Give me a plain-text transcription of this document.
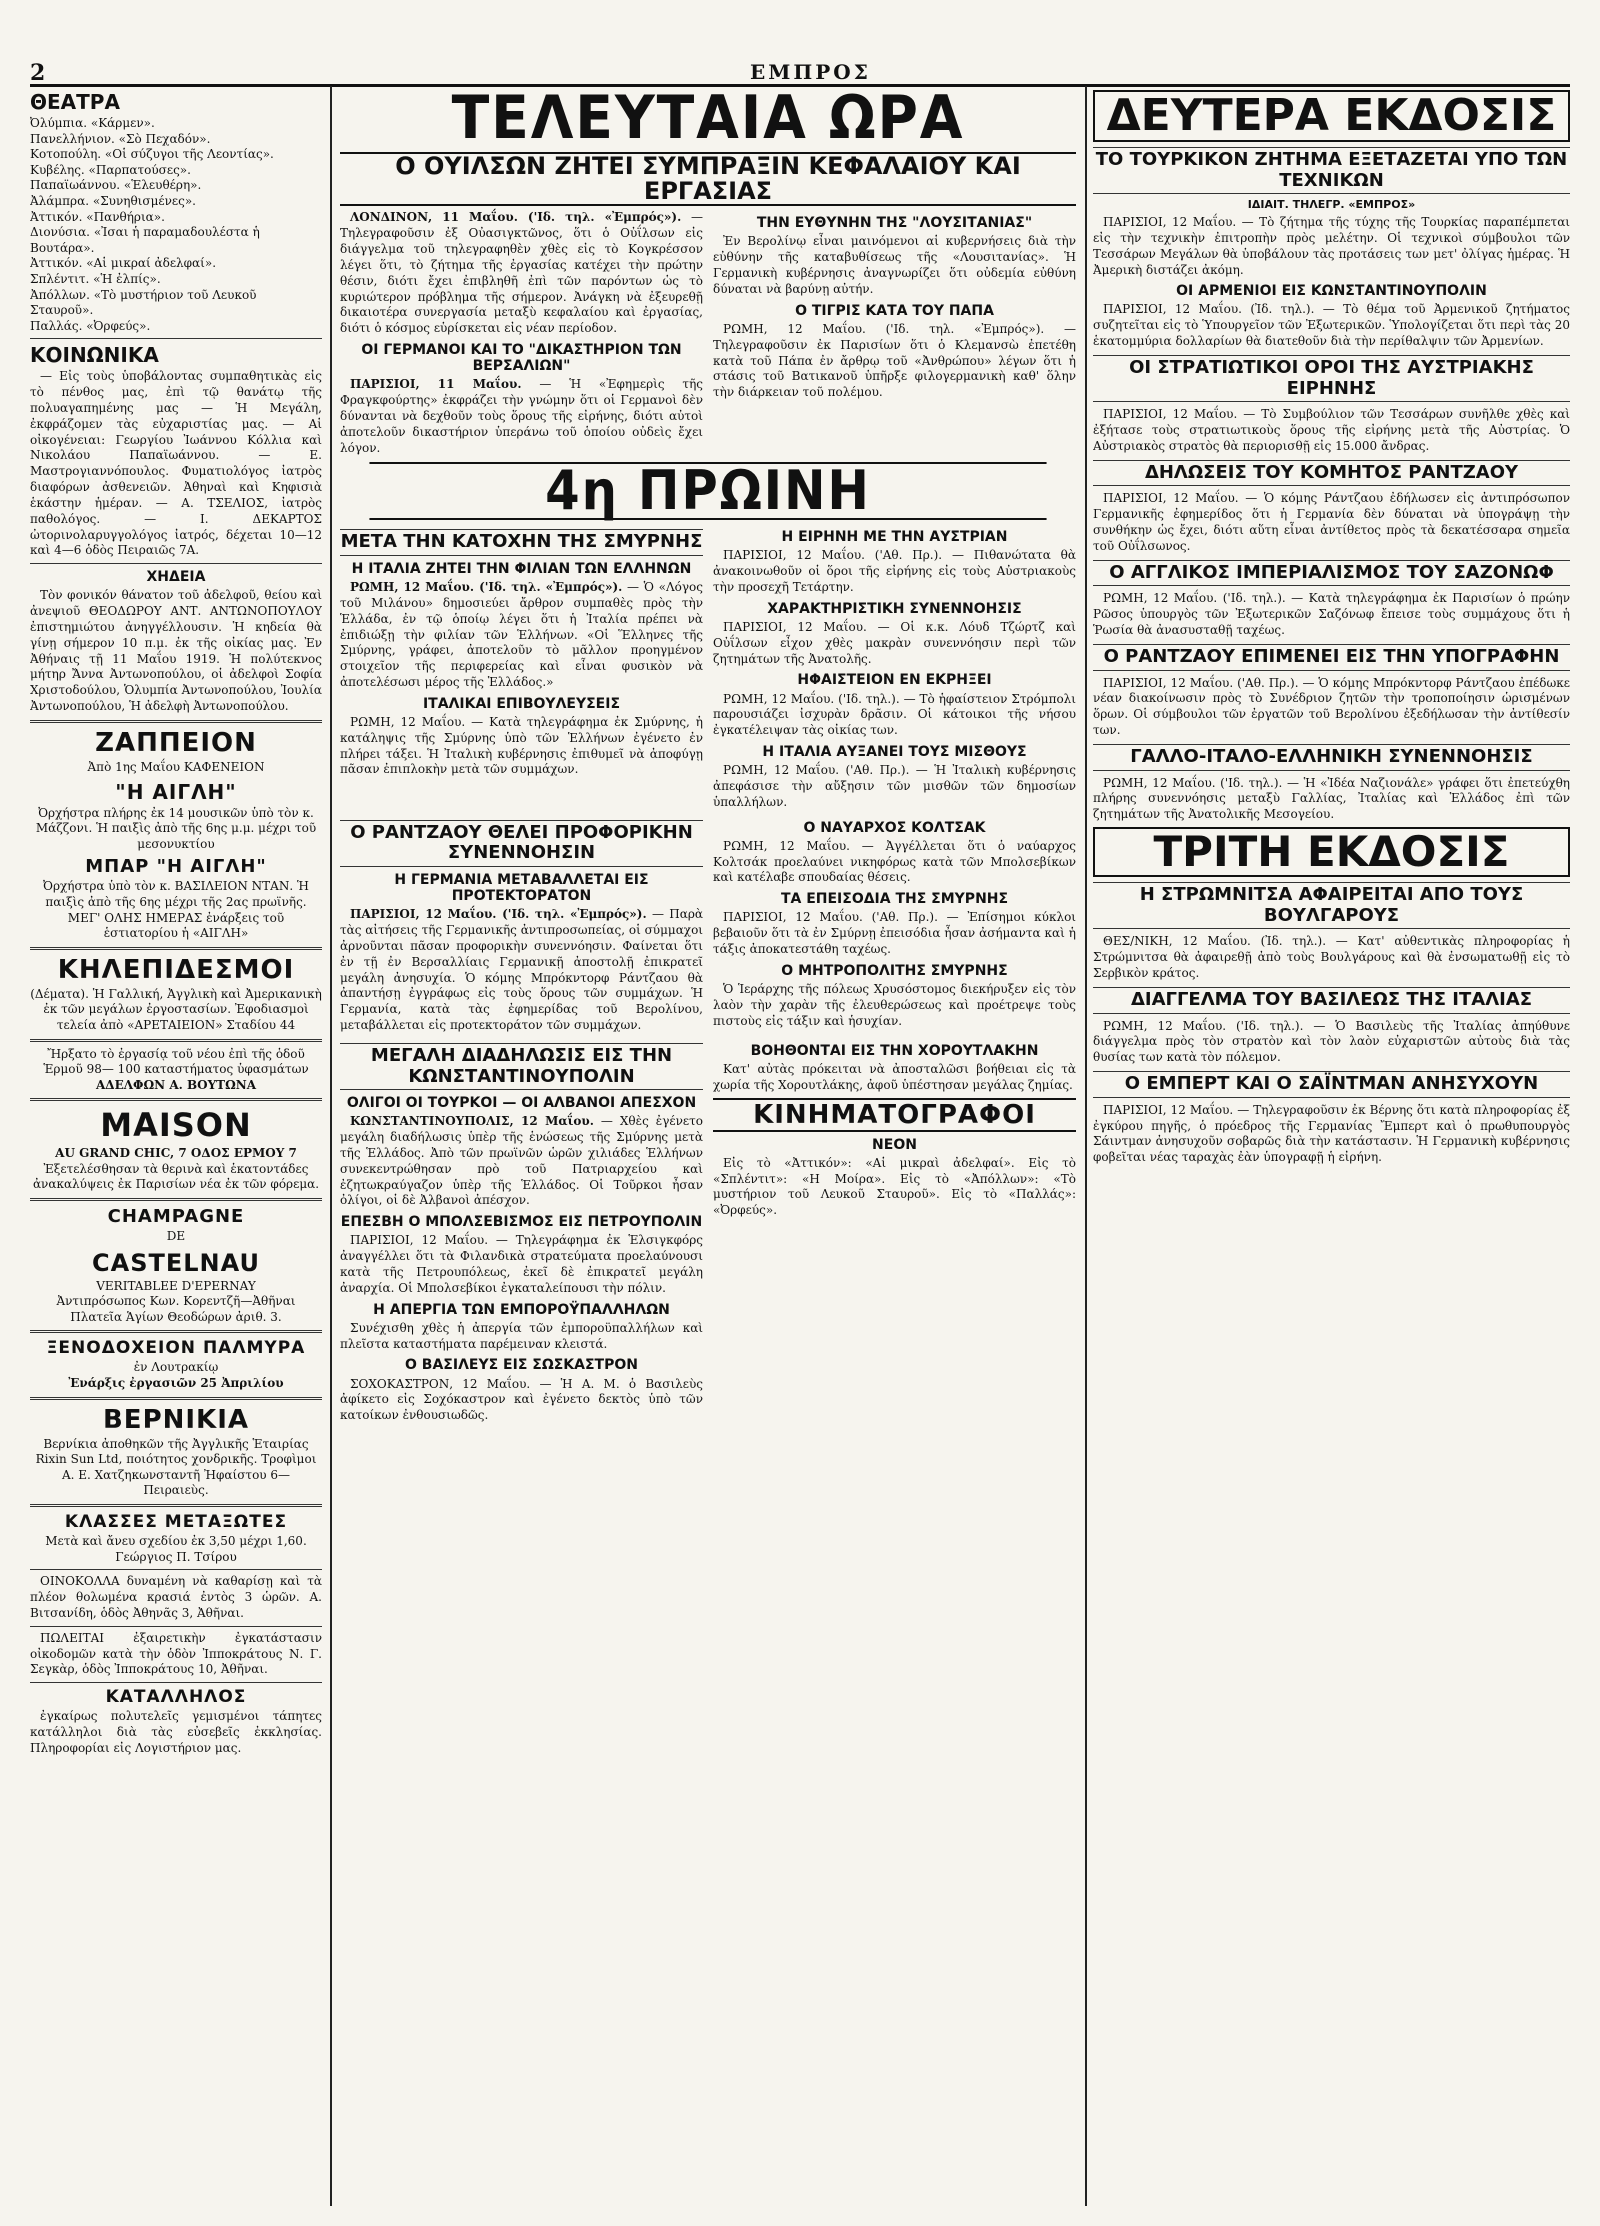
2	ΕΜΠΡΟΣ
ΘΕΑΤΡΑ
Ὀλύμπια. «Κάρμεν».
Πανελλήνιον. «Σὸ Πεχαδόν».
Κοτοπούλη. «Οἱ σύζυγοι τῆς Λεοντίας».
Κυβέλης. «Παρπατούσες».
Παπαϊωάννου. «Ἑλευθέρη».
Ἀλάμπρα. «Συνηθισμένες».
Ἀττικόν. «Πανθήρια».
Διονύσια. «Ἰσαι ἡ παραμαδουλέστα ἡ Βουτάρα».
Ἀττικόν. «Αἱ μικραί ἀδελφαί».
Σπλέντιτ. «Ἡ ἐλπίς».
Ἀπόλλων. «Τὸ μυστήριον τοῦ Λευκοῦ Σταυροῦ».
Παλλάς. «Ὀρφεύς».
ΚΟΙΝΩΝΙΚΑ

— Εἰς τοὺς ὑποβάλοντας συμπαθητικὰς εἰς τὸ πένθος μας, ἐπὶ τῷ θανάτῳ τῆς πολυαγαπημένης μας — Ἡ Μεγάλη, ἐκφράζομεν τὰς εὐχαριστίας μας. — Αἱ οἰκογένειαι: Γεωργίου Ἰωάννου Κόλλια καὶ Νικολάου Παπαϊωάννου. — Ε. Μαστρογιαννόπουλος. Φυματιολόγος ἰατρὸς διαφόρων ἀσθενειῶν. Ἀθηναὶ καὶ Κηφισιὰ ἑκάστην ἡμέραν. — Α. ΤΣΕΛΙΟΣ, ἰατρὸς παθολόγος. — Ι. ΔΕΚΑΡΤΟΣ ὠτορινολαρυγγολόγος ἰατρός, δέχεται 10—12 καὶ 4—6 ὁδὸς Πειραιῶς 7Α.

ΧΗΔΕΙΑ

Τὸν φονικόν θάνατον τοῦ ἀδελφοῦ, θείου καὶ ἀνεψιοῦ ΘΕΟΔΩΡΟΥ ΑΝΤ. ΑΝΤΩΝΟΠΟΥΛΟΥ ἐπιστημιώτου ἀνηγγέλλουσιν. Ἡ κηδεία θὰ γίνῃ σήμερον 10 π.μ. ἐκ τῆς οἰκίας μας. Ἐν Ἀθήναις τῇ 11 Μαΐου 1919. Ἡ πολύτεκνος μήτηρ Ἄννα Ἀντωνοπούλου, οἱ ἀδελφοὶ Σοφία Χριστοδούλου, Ὁλυμπία Ἀντωνοπούλου, Ἰουλία Ἀντωνοπούλου, Ἡ ἀδελφὴ Ἀντωνοπούλου.

ΖΑΠΠΕΙΟΝ
Ἀπὸ 1ης Μαΐου ΚΑΦΕΝΕΙΟΝ
"Η ΑΙΓΛΗ"
Ὀρχήστρα πλήρης ἐκ 14 μουσικῶν ὑπὸ τὸν κ. Μάζζονι. Ἡ παιξὶς ἀπὸ τῆς 6ης μ.μ. μέχρι τοῦ μεσονυκτίου
ΜΠΑΡ "Η ΑΙΓΛΗ"
Ὀρχήστρα ὑπὸ τὸν κ. ΒΑΣΙΛΕΙΟΝ ΝΤΑΝ. Ἡ παιξὶς ἀπὸ τῆς 6ης μέχρι τῆς 2ας πρωϊνῆς. ΜΕΓ' ΟΛΗΣ ΗΜΕΡΑΣ ἐνάρξεις τοῦ ἑστιατορίου ἡ «ΑΙΓΛΗ»
ΚΗΛΕΠΙΔΕΣΜΟΙ
(Δέματα). Ἡ Γαλλική, Ἀγγλικὴ καὶ Ἀμερικανικὴ ἐκ τῶν μεγάλων ἐργοστασίων. Ἐφοδιασμοὶ τελεία ἀπὸ «ΑΡΕΤΑΙΕΙΟΝ» Σταδίου 44
Ἤρξατο τὸ ἐργασίᾳ τοῦ νέου ἐπὶ τῆς ὁδοῦ Ἑρμοῦ 98— 100 καταστήματος ὑφασμάτων
ΑΔΕΛΦΩΝ Α. ΒΟΥΤΩΝΑ
MAISON
AU GRAND CHIC, 7 ΟΔΟΣ ΕΡΜΟΥ 7
Ἐξετελέσθησαν τὰ θερινὰ καὶ ἑκατοντάδες ἀνακαλύψεις ἐκ Παρισίων νέα ἐκ τῶν φόρεμα.
CHAMPAGNE
DE
CASTELNAU
VERITABLEE D'EPERNAY
Ἀντιπρόσωπος Κων. Κορεντζῆ—Ἀθῆναι Πλατεῖα Ἁγίων Θεοδώρων ἀριθ. 3.
ΞΕΝΟΔΟΧΕΙΟΝ ΠΑΛΜΥΡΑ
ἐν Λουτρακίῳ
Ἐνάρξις ἐργασιῶν 25 Ἀπριλίου
ΒΕΡΝΙΚΙΑ
Βερνίκια ἀποθηκῶν τῆς Ἀγγλικῆς Ἑταιρίας Rixin Sun Ltd, ποιότητος χονδρικῆς. Τροφὶμοι Α. Ε. Χατζηκωνσταντῆ Ἠφαίστου 6—Πειραιεὺς.
ΚΛΑΣΣΕΣ ΜΕΤΑΞΩΤΕΣ
Μετὰ καὶ ἄνευ σχεδίου ἐκ 3,50 μέχρι 1,60. Γεώργιος Π. Τσίρου

ΟΙΝΟΚΟΛΛΑ δυναμένη νὰ καθαρίσῃ καὶ τὰ πλέον θολωμένα κρασιά ἐντὸς 3 ὡρῶν. Α. Βιτσανίδη, ὁδὸς Ἀθηνᾶς 3, Ἀθῆναι.

ΠΩΛΕΙΤΑΙ ἐξαιρετικὴν ἐγκατάστασιν οἰκοδομῶν κατὰ τὴν ὁδὸν Ἰπποκράτους Ν. Γ. Σεγκὰρ, ὁδὸς Ἰπποκράτους 10, Ἀθῆναι.

ΚΑΤΑΛΛΗΛΟΣ

ἐγκαίρως πολυτελεῖς γεμισμένοι τάπητες κατάλληλοι διὰ τὰς εὐσεβεῖς ἐκκλησίας. Πληροφορίαι εἰς Λογιστήριον μας.

ΤΕΛΕΥΤΑΙΑ ΩΡΑ
Ο ΟΥΙΛΣΩΝ ΖΗΤΕΙ ΣΥΜΠΡΑΞΙΝ ΚΕΦΑΛΑΙΟΥ ΚΑΙ ΕΡΓΑΣΙΑΣ

ΛΟΝΔΙΝΟΝ, 11 Μαΐου. ('Ιδ. τηλ. «Ἐμπρός»). — Τηλεγραφοῦσιν ἐξ Οὐασιγκτῶνος, ὅτι ὁ Οὐΐλσων εἰς διάγγελμα τοῦ τηλεγραφηθὲν χθὲς εἰς τὸ Κογκρέσσον λέγει ὅτι, τὸ ζήτημα τῆς ἐργασίας κατέχει τὴν πρώτην θέσιν, διότι ἔχει ἐπιβληθῆ ἐπὶ τῶν παρόντων ὡς τὸ κυριώτερον πρόβλημα τῆς σήμερον. Ἀνάγκη νὰ ἐξευρεθῇ δικαιοτέρα συνεργασία μεταξὺ κεφαλαίου καὶ ἐργασίας, διότι ὁ κόσμος εὑρίσκεται εἰς νέαν περίοδον.

ΟΙ ΓΕΡΜΑΝΟΙ ΚΑΙ ΤΟ "ΔΙΚΑΣΤΗΡΙΟΝ ΤΩΝ ΒΕΡΣΑΛΙΩΝ"

ΠΑΡΙΣΙΟΙ, 11 Μαΐου. — Ἡ «Ἐφημερὶς τῆς Φραγκφούρτης» ἐκφράζει τὴν γνώμην ὅτι οἱ Γερμανοὶ δὲν δύνανται νὰ δεχθοῦν τοὺς ὅρους τῆς εἰρήνης, διότι αὐτοὶ ἀποτελοῦν δικαστήριον ὑπεράνω τοῦ ὁποίου οὐδεὶς ἔχει λόγον.

ΤΗΝ ΕΥΘΥΝΗΝ ΤΗΣ "ΛΟΥΣΙΤΑΝΙΑΣ"

Ἐν Βερολίνῳ εἶναι μαινόμενοι αἱ κυβερνήσεις διὰ τὴν εὐθύνην τῆς καταβυθίσεως τῆς «Λουσιτανίας». Ἡ Γερμανικὴ κυβέρνησις ἀναγνωρίζει ὅτι οὐδεμία εὐθύνη δύναται νὰ βαρύνῃ αὐτήν.

Ο ΤΙΓΡΙΣ ΚΑΤΑ ΤΟΥ ΠΑΠΑ

ΡΩΜΗ, 12 Μαΐου. ('Ιδ. τηλ. «Ἐμπρός»). — Τηλεγραφοῦσιν ἐκ Παρισίων ὅτι ὁ Κλεμανσὼ ἐπετέθη κατὰ τοῦ Πάπα ἐν ἄρθρῳ τοῦ «Ἀνθρώπου» λέγων ὅτι ἡ στάσις τοῦ Βατικανοῦ ὑπῆρξε φιλογερμανικὴ καθ' ὅλην τὴν διάρκειαν τοῦ πολέμου.

4η ΠΡΩΙΝΗ
ΜΕΤΑ ΤΗΝ ΚΑΤΟΧΗΝ ΤΗΣ ΣΜΥΡΝΗΣ
Η ΙΤΑΛΙΑ ΖΗΤΕΙ ΤΗΝ ΦΙΛΙΑΝ ΤΩΝ ΕΛΛΗΝΩΝ

ΡΩΜΗ, 12 Μαΐου. ('Ιδ. τηλ. «Ἐμπρός»). — Ὁ «Λόγος τοῦ Μιλάνου» δημοσιεύει ἄρθρον συμπαθὲς πρὸς τὴν Ἑλλάδα, ἐν τῷ ὁποίῳ λέγει ὅτι ἡ Ἰταλία πρέπει νὰ ἐπιδιώξῃ τὴν φιλίαν τῶν Ἑλλήνων. «Οἱ Ἕλληνες τῆς Σμύρνης, γράφει, ἀποτελοῦν τὸ μᾶλλον προηγμένον στοιχεῖον τῆς περιφερείας καὶ εἶναι φυσικὸν νὰ ἀποτελέσωσι μέρος τῆς Ἑλλάδος.»

ΙΤΑΛΙΚΑΙ ΕΠΙΒΟΥΛΕΥΣΕΙΣ

ΡΩΜΗ, 12 Μαΐου. — Κατὰ τηλεγράφημα ἐκ Σμύρνης, ἡ κατάληψις τῆς Σμύρνης ὑπὸ τῶν Ἑλλήνων ἐγένετο ἐν πλήρει τάξει. Ἡ Ἰταλικὴ κυβέρνησις ἐπιθυμεῖ νὰ ἀποφύγῃ πᾶσαν ἐπιπλοκὴν μετὰ τῶν συμμάχων.

Η ΕΙΡΗΝΗ ΜΕ ΤΗΝ ΑΥΣΤΡΙΑΝ

ΠΑΡΙΣΙΟΙ, 12 Μαΐου. ('Αθ. Πρ.). — Πιθανώτατα θὰ ἀνακοινωθοῦν οἱ ὅροι τῆς εἰρήνης εἰς τοὺς Αὐστριακοὺς τὴν προσεχῆ Τετάρτην.

ΧΑΡΑΚΤΗΡΙΣΤΙΚΗ ΣΥΝΕΝΝΟΗΣΙΣ

ΠΑΡΙΣΙΟΙ, 12 Μαΐου. — Οἱ κ.κ. Λόυδ Τζώρτζ καὶ Οὐΐλσων εἶχον χθὲς μακρὰν συνεννόησιν περὶ τῶν ζητημάτων τῆς Ἀνατολῆς.

ΗΦΑΙΣΤΕΙΟΝ ΕΝ ΕΚΡΗΞΕΙ

ΡΩΜΗ, 12 Μαΐου. ('Ιδ. τηλ.). — Τὸ ἡφαίστειον Στρόμπολι παρουσιάζει ἰσχυρὰν δρᾶσιν. Οἱ κάτοικοι τῆς νήσου ἐγκατέλειψαν τὰς οἰκίας των.

Η ΙΤΑΛΙΑ ΑΥΞΑΝΕΙ ΤΟΥΣ ΜΙΣΘΟΥΣ

ΡΩΜΗ, 12 Μαΐου. ('Αθ. Πρ.). — Ἡ Ἰταλικὴ κυβέρνησις ἀπεφάσισε τὴν αὔξησιν τῶν μισθῶν τῶν δημοσίων ὑπαλλήλων.

Ο ΡΑΝΤΖΑΟΥ ΘΕΛΕΙ ΠΡΟΦΟΡΙΚΗΝ ΣΥΝΕΝΝΟΗΣΙΝ
Η ΓΕΡΜΑΝΙΑ ΜΕΤΑΒΑΛΛΕΤΑΙ ΕΙΣ ΠΡΟΤΕΚΤΟΡΑΤΟΝ

ΠΑΡΙΣΙΟΙ, 12 Μαΐου. ('Ιδ. τηλ. «Ἐμπρός»). — Παρὰ τὰς αἰτήσεις τῆς Γερμανικῆς ἀντιπροσωπείας, οἱ σύμμαχοι ἀρνοῦνται πᾶσαν προφορικὴν συνεννόησιν. Φαίνεται ὅτι ἐν τῇ ἐν Βερσαλλίαις Γερμανικῇ ἀποστολῇ ἐπικρατεῖ μεγάλη ἀνησυχία. Ὁ κόμης Μπρόκντορφ Ράντζαου θὰ ἀπαντήσῃ ἐγγράφως εἰς τοὺς ὅρους τῶν συμμάχων. Ἡ Γερμανία, κατὰ τὰς ἐφημερίδας τοῦ Βερολίνου, μεταβάλλεται εἰς προτεκτοράτον τῶν συμμάχων.

Ο ΝΑΥΑΡΧΟΣ ΚΟΛΤΣΑΚ

ΡΩΜΗ, 12 Μαΐου. — Ἀγγέλλεται ὅτι ὁ ναύαρχος Κολτσάκ προελαύνει νικηφόρως κατὰ τῶν Μπολσεβίκων καὶ κατέλαβε σπουδαίας θέσεις.

ΤΑ ΕΠΕΙΣΟΔΙΑ ΤΗΣ ΣΜΥΡΝΗΣ

ΠΑΡΙΣΙΟΙ, 12 Μαΐου. ('Αθ. Πρ.). — Ἐπίσημοι κύκλοι βεβαιοῦν ὅτι τὰ ἐν Σμύρνῃ ἐπεισόδια ἦσαν ἀσήμαντα καὶ ἡ τάξις ἀποκατεστάθη ταχέως.

Ο ΜΗΤΡΟΠΟΛΙΤΗΣ ΣΜΥΡΝΗΣ

Ὁ Ἱεράρχης τῆς πόλεως Χρυσόστομος διεκήρυξεν εἰς τὸν λαὸν τὴν χαρὰν τῆς ἐλευθερώσεως καὶ προέτρεψε τοὺς πιστοὺς εἰς τάξιν καὶ ἡσυχίαν.

ΜΕΓΑΛΗ ΔΙΑΔΗΛΩΣΙΣ ΕΙΣ ΤΗΝ ΚΩΝΣΤΑΝΤΙΝΟΥΠΟΛΙΝ
ΟΛΙΓΟΙ ΟΙ ΤΟΥΡΚΟΙ — ΟΙ ΑΛΒΑΝΟΙ ΑΠΕΣΧΟΝ

ΚΩΝΣΤΑΝΤΙΝΟΥΠΟΛΙΣ, 12 Μαΐου. — Χθὲς ἐγένετο μεγάλη διαδήλωσις ὑπὲρ τῆς ἑνώσεως τῆς Σμύρνης μετὰ τῆς Ἑλλάδος. Ἀπὸ τῶν πρωϊνῶν ὡρῶν χιλιάδες Ἑλλήνων συνεκεντρώθησαν πρὸ τοῦ Πατριαρχείου καὶ ἐζητωκραύγαζον ὑπὲρ τῆς Ἑλλάδος. Οἱ Τοῦρκοι ἦσαν ὀλίγοι, οἱ δὲ Ἀλβανοὶ ἀπέσχον.

ΕΠΕΣΒΗ Ο ΜΠΟΛΣΕΒΙΣΜΟΣ ΕΙΣ ΠΕΤΡΟΥΠΟΛΙΝ

ΠΑΡΙΣΙΟΙ, 12 Μαΐου. — Τηλεγράφημα ἐκ Ἑλσιγκφόρς ἀναγγέλλει ὅτι τὰ Φιλανδικὰ στρατεύματα προελαύνουσι κατὰ τῆς Πετρουπόλεως, ἐκεῖ δὲ ἐπικρατεῖ μεγάλη ἀναρχία. Οἱ Μπολσεβίκοι ἐγκαταλείπουσι τὴν πόλιν.

Η ΑΠΕΡΓΙΑ ΤΩΝ ΕΜΠΟΡΟΫΠΑΛΛΗΛΩΝ

Συνέχισθη χθὲς ἡ ἀπεργία τῶν ἐμποροϋπαλλήλων καὶ πλεῖστα καταστήματα παρέμειναν κλειστά.

Ο ΒΑΣΙΛΕΥΣ ΕΙΣ ΣΩΣΚΑΣΤΡΟΝ

ΣΟΧΟΚΑΣΤΡΟΝ, 12 Μαΐου. — Ἡ Α. Μ. ὁ Βασιλεὺς ἀφίκετο εἰς Σοχόκαστρον καὶ ἐγένετο δεκτὸς ὑπὸ τῶν κατοίκων ἐνθουσιωδῶς.

ΒΟΗΘΟΝΤΑΙ ΕΙΣ ΤΗΝ ΧΟΡΟΥΤΛΑΚΗΝ

Κατ' αὐτὰς πρόκειται νὰ ἀποσταλῶσι βοήθειαι εἰς τὰ χωρία τῆς Χορουτλάκης, ἀφοῦ ὑπέστησαν μεγάλας ζημίας.

ΚΙΝΗΜΑΤΟΓΡΑΦΟΙ
ΝΕΟΝ

Εἰς τὸ «Ἀττικόν»: «Αἱ μικραὶ ἀδελφαί». Εἰς τὸ «Σπλέντιτ»: «Η Μοίρα». Εἰς τὸ «Ἀπόλλων»: «Τὸ μυστήριον τοῦ Λευκοῦ Σταυροῦ». Εἰς τὸ «Παλλάς»: «Ὀρφεύς».

ΔΕΥΤΕΡΑ ΕΚΔΟΣΙΣ
ΤΟ ΤΟΥΡΚΙΚΟΝ ΖΗΤΗΜΑ ΕΞΕΤΑΖΕΤΑΙ ΥΠΟ ΤΩΝ ΤΕΧΝΙΚΩΝ
ΙΔΙΑΙΤ. ΤΗΛΕΓΡ. «ΕΜΠΡΟΣ»

ΠΑΡΙΣΙΟΙ, 12 Μαΐου. — Τὸ ζήτημα τῆς τύχης τῆς Τουρκίας παραπέμπεται εἰς τὴν τεχνικὴν ἐπιτροπὴν πρὸς μελέτην. Οἱ τεχνικοὶ σύμβουλοι τῶν Τεσσάρων Μεγάλων θὰ ὑποβάλουν τὰς προτάσεις των μετ' ὀλίγας ἡμέρας. Ἡ Ἀμερικὴ διστάζει ἀκόμη.

ΟΙ ΑΡΜΕΝΙΟΙ ΕΙΣ ΚΩΝΣΤΑΝΤΙΝΟΥΠΟΛΙΝ

ΠΑΡΙΣΙΟΙ, 12 Μαΐου. (Ἰδ. τηλ.). — Τὸ θέμα τοῦ Ἀρμενικοῦ ζητήματος συζητεῖται εἰς τὸ Ὑπουργεῖον τῶν Ἐξωτερικῶν. Ὑπολογίζεται ὅτι περὶ τὰς 20 ἑκατομμύρια δολλαρίων θὰ διατεθοῦν διὰ τὴν περίθαλψιν τῶν Ἀρμενίων.

ΟΙ ΣΤΡΑΤΙΩΤΙΚΟΙ ΟΡΟΙ ΤΗΣ ΑΥΣΤΡΙΑΚΗΣ ΕΙΡΗΝΗΣ

ΠΑΡΙΣΙΟΙ, 12 Μαΐου. — Τὸ Συμβούλιον τῶν Τεσσάρων συνῆλθε χθὲς καὶ ἐξήτασε τοὺς στρατιωτικοὺς ὅρους τῆς εἰρήνης μετὰ τῆς Αὐστρίας. Ὁ Αὐστριακὸς στρατὸς θὰ περιορισθῇ εἰς 15.000 ἄνδρας.

ΔΗΛΩΣΕΙΣ ΤΟΥ ΚΟΜΗΤΟΣ ΡΑΝΤΖΑΟΥ

ΠΑΡΙΣΙΟΙ, 12 Μαΐου. — Ὁ κόμης Ράντζαου ἐδήλωσεν εἰς ἀντιπρόσωπον Γερμανικῆς ἐφημερίδος ὅτι ἡ Γερμανία δὲν δύναται νὰ ὑπογράψῃ τὴν συνθήκην ὡς ἔχει, διότι αὕτη εἶναι ἀντίθετος πρὸς τὰ δεκατέσσαρα σημεῖα τοῦ Οὐΐλσωνος.

Ο ΑΓΓΛΙΚΟΣ ΙΜΠΕΡΙΑΛΙΣΜΟΣ ΤΟΥ ΣΑΖΟΝΩΦ

ΡΩΜΗ, 12 Μαΐου. ('Ιδ. τηλ.). — Κατὰ τηλεγράφημα ἐκ Παρισίων ὁ πρώην Ρῶσος ὑπουργὸς τῶν Ἐξωτερικῶν Σαζόνωφ ἔπεισε τοὺς συμμάχους ὅτι ἡ Ῥωσία θὰ ἀνασυσταθῇ ταχέως.

Ο ΡΑΝΤΖΑΟΥ ΕΠΙΜΕΝΕΙ ΕΙΣ ΤΗΝ ΥΠΟΓΡΑΦΗΝ

ΠΑΡΙΣΙΟΙ, 12 Μαΐου. ('Αθ. Πρ.). — Ὁ κόμης Μπρόκντορφ Ράντζαου ἐπέδωκε νέαν διακοίνωσιν πρὸς τὸ Συνέδριον ζητῶν τὴν τροποποίησιν ὡρισμένων ὅρων. Οἱ σύμβουλοι τῶν ἐργατῶν τοῦ Βερολίνου ἐξεδήλωσαν τὴν ἀντίθεσίν των.

ΓΑΛΛΟ-ΙΤΑΛΟ-ΕΛΛΗΝΙΚΗ ΣΥΝΕΝΝΟΗΣΙΣ

ΡΩΜΗ, 12 Μαΐου. ('Ιδ. τηλ.). — Ἡ «Ἰδέα Ναζιονάλε» γράφει ὅτι ἐπετεύχθη πλήρης συνεννόησις μεταξὺ Γαλλίας, Ἰταλίας καὶ Ἑλλάδος ἐπὶ τῶν ζητημάτων τῆς Ἀνατολικῆς Μεσογείου.

ΤΡΙΤΗ ΕΚΔΟΣΙΣ
Η ΣΤΡΩΜΝΙΤΣΑ ΑΦΑΙΡΕΙΤΑΙ ΑΠΟ ΤΟΥΣ ΒΟΥΛΓΑΡΟΥΣ

ΘΕΣ/ΝΙΚΗ, 12 Μαΐου. (Ἰδ. τηλ.). — Κατ' αὐθεντικὰς πληροφορίας ἡ Στρώμνιτσα θὰ ἀφαιρεθῇ ἀπὸ τοὺς Βουλγάρους καὶ θὰ ἐνσωματωθῇ εἰς τὸ Σερβικὸν κράτος.

ΔΙΑΓΓΕΛΜΑ ΤΟΥ ΒΑΣΙΛΕΩΣ ΤΗΣ ΙΤΑΛΙΑΣ

ΡΩΜΗ, 12 Μαΐου. ('Ιδ. τηλ.). — Ὁ Βασιλεὺς τῆς Ἰταλίας ἀπηύθυνε διάγγελμα πρὸς τὸν στρατὸν καὶ τὸν λαὸν εὐχαριστῶν αὐτοὺς διὰ τὰς θυσίας των κατὰ τὸν πόλεμον.

Ο ΕΜΠΕΡΤ ΚΑΙ Ο ΣΑΪΝΤΜΑΝ ΑΝΗΣΥΧΟΥΝ

ΠΑΡΙΣΙΟΙ, 12 Μαΐου. — Τηλεγραφοῦσιν ἐκ Βέρνης ὅτι κατὰ πληροφορίας ἐξ ἐγκύρου πηγῆς, ὁ πρόεδρος τῆς Γερμανίας Ἔμπερτ καὶ ὁ πρωθυπουργὸς Σάιντμαν ἀνησυχοῦν σοβαρῶς διὰ τὴν κατάστασιν. Ἡ Γερμανικὴ κυβέρνησις φοβεῖται νέας ταραχὰς ἐὰν ὑπογραφῇ ἡ εἰρήνη.
